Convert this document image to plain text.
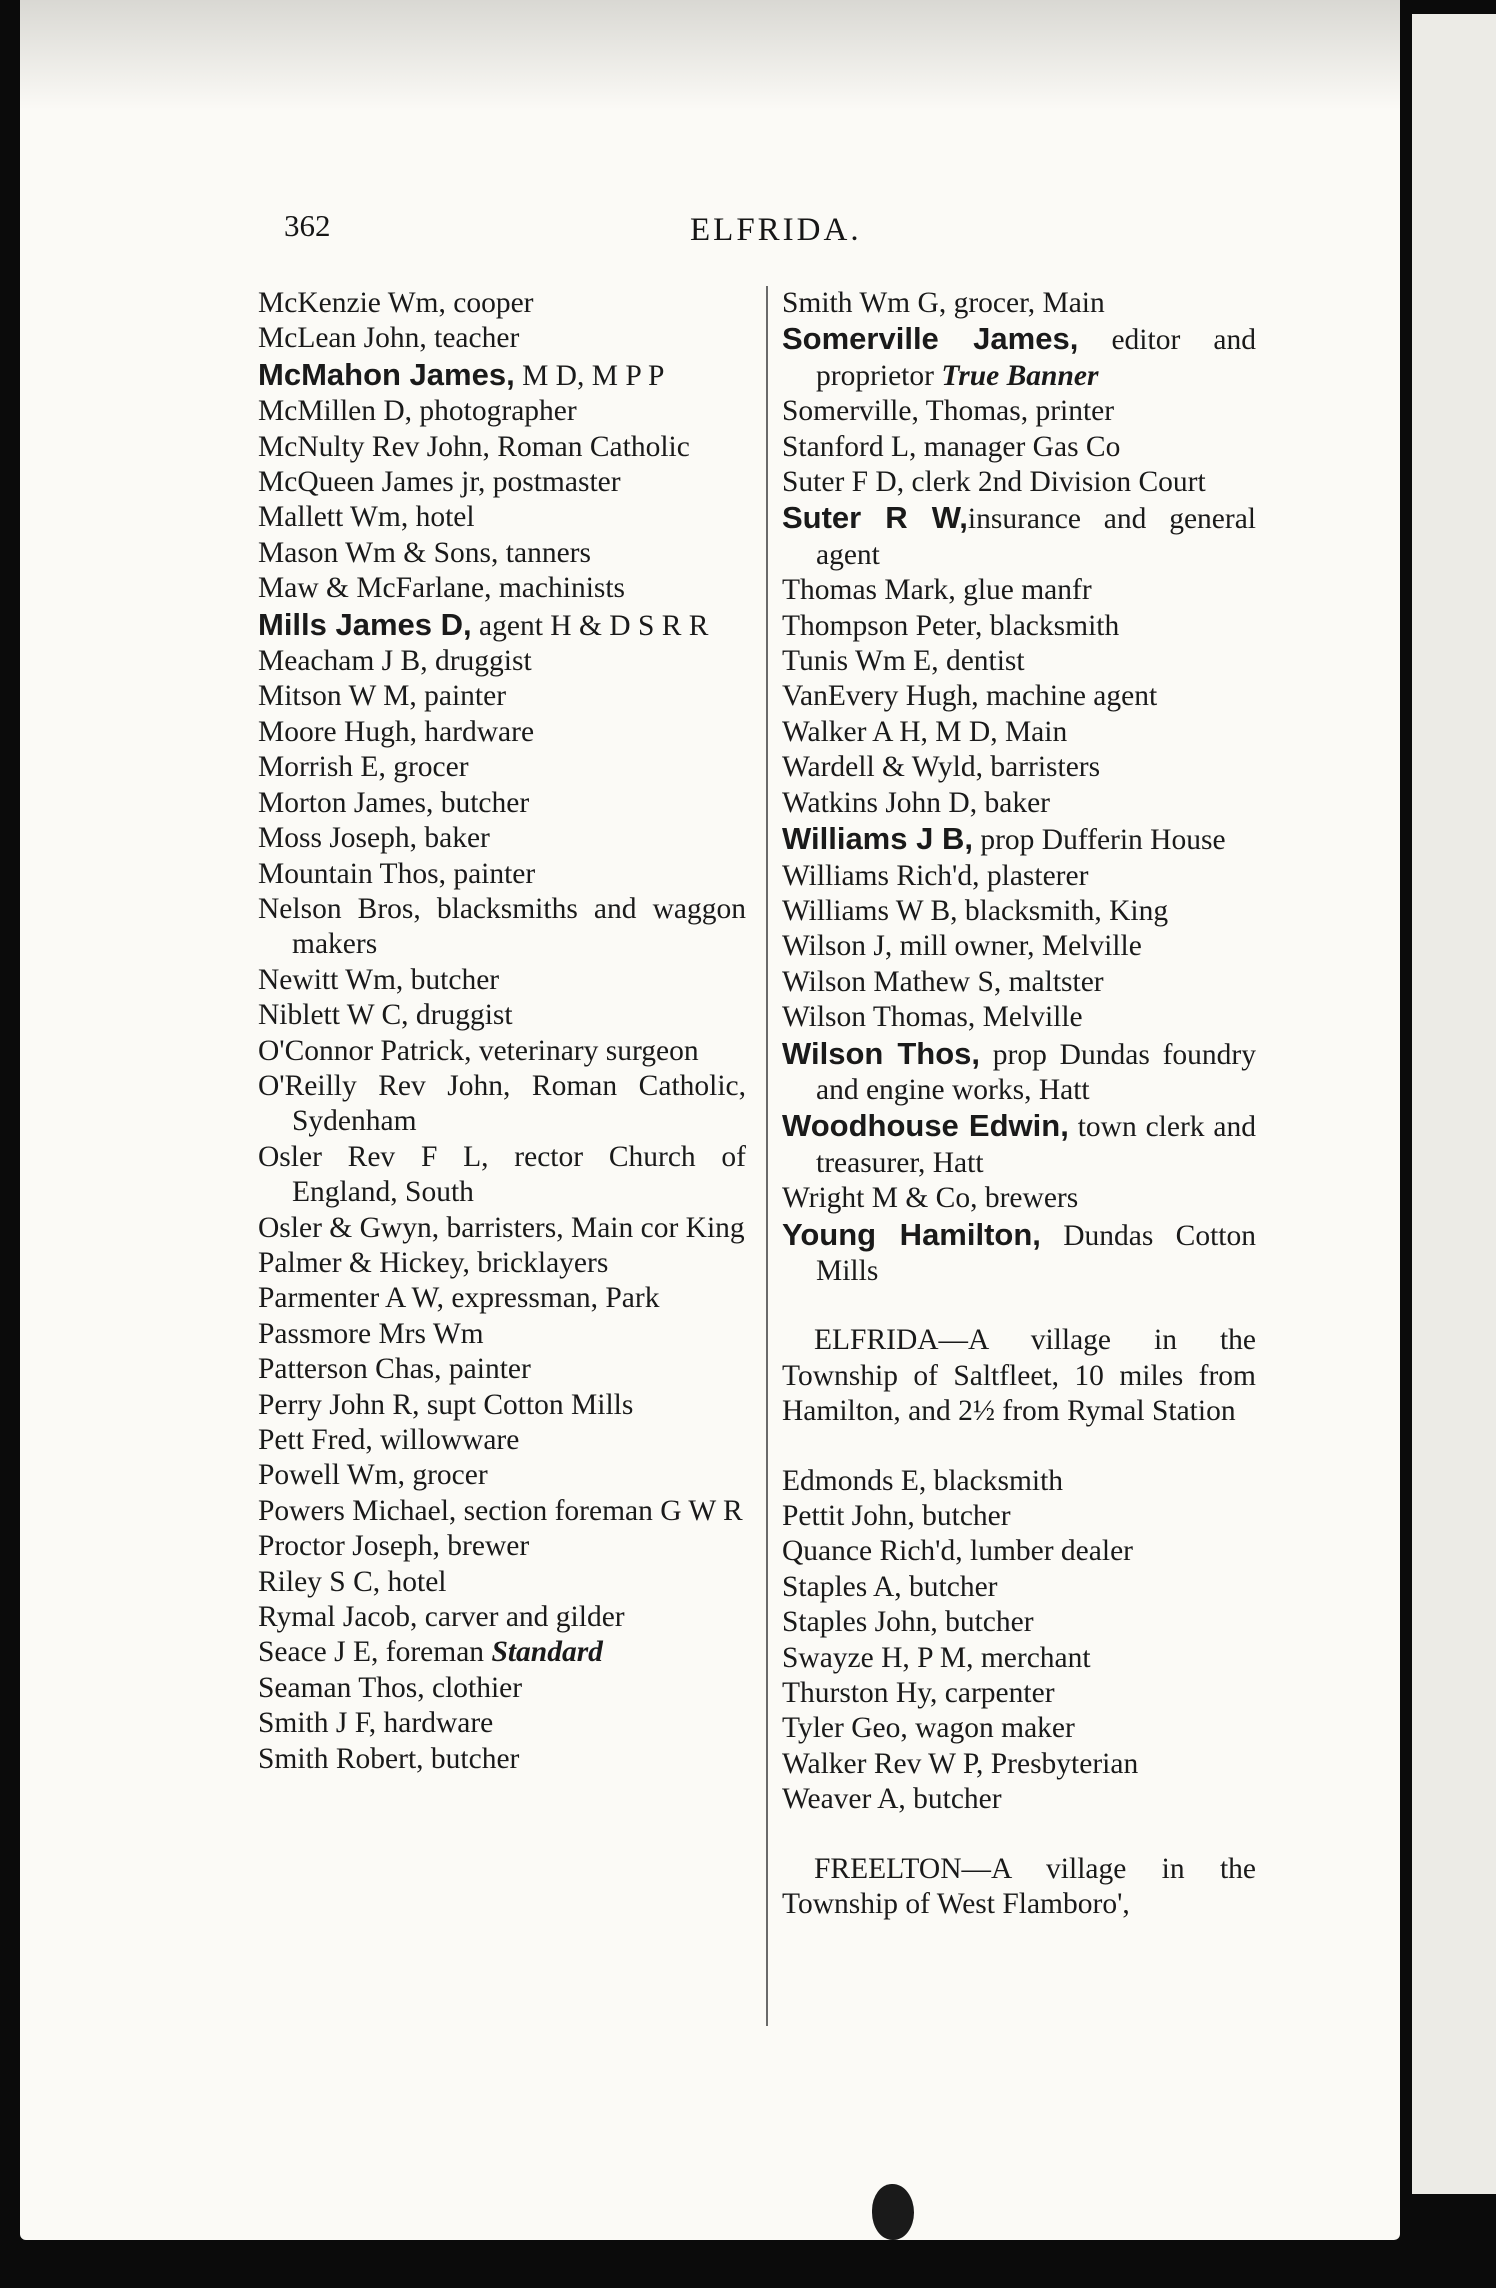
362	ELFRIDA.
McKenzie Wm, cooper
McLean John, teacher
McMahon James, M D, M P P
McMillen D, photographer
McNulty Rev John, Roman Catholic
McQueen James jr, postmaster
Mallett Wm, hotel
Mason Wm & Sons, tanners
Maw & McFarlane, machinists
Mills James D, agent H & D S R R
Meacham J B, druggist
Mitson W M, painter
Moore Hugh, hardware
Morrish E, grocer
Morton James, butcher
Moss Joseph, baker
Mountain Thos, painter
Nelson Bros, blacksmiths and waggon makers
Newitt Wm, butcher
Niblett W C, druggist
O'Connor Patrick, veterinary surgeon
O'Reilly Rev John, Roman Catholic, Sydenham
Osler Rev F L, rector Church of England, South
Osler & Gwyn, barristers, Main cor King
Palmer & Hickey, bricklayers
Parmenter A W, expressman, Park
Passmore Mrs Wm
Patterson Chas, painter
Perry John R, supt Cotton Mills
Pett Fred, willowware
Powell Wm, grocer
Powers Michael, section foreman G W R
Proctor Joseph, brewer
Riley S C, hotel
Rymal Jacob, carver and gilder
Seace J E, foreman Standard
Seaman Thos, clothier
Smith J F, hardware
Smith Robert, butcher
Smith Wm G, grocer, Main
Somerville James, editor and proprietor True Banner
Somerville, Thomas, printer
Stanford L, manager Gas Co
Suter F D, clerk 2nd Division Court
Suter R W,insurance and general agent
Thomas Mark, glue manfr
Thompson Peter, blacksmith
Tunis Wm E, dentist
VanEvery Hugh, machine agent
Walker A H, M D, Main
Wardell & Wyld, barristers
Watkins John D, baker
Williams J B, prop Dufferin House
Williams Rich'd, plasterer
Williams W B, blacksmith, King
Wilson J, mill owner, Melville
Wilson Mathew S, maltster
Wilson Thomas, Melville
Wilson Thos, prop Dundas foundry and engine works, Hatt
Woodhouse Edwin, town clerk and treasurer, Hatt
Wright M & Co, brewers
Young Hamilton, Dundas Cotton Mills
ELFRIDA—A village in the Township of Saltfleet, 10 miles from Hamilton, and 2½ from Rymal Station
Edmonds E, blacksmith
Pettit John, butcher
Quance Rich'd, lumber dealer
Staples A, butcher
Staples John, butcher
Swayze H, P M, merchant
Thurston Hy, carpenter
Tyler Geo, wagon maker
Walker Rev W P, Presbyterian
Weaver A, butcher
FREELTON—A village in the Township of West Flamboro',
